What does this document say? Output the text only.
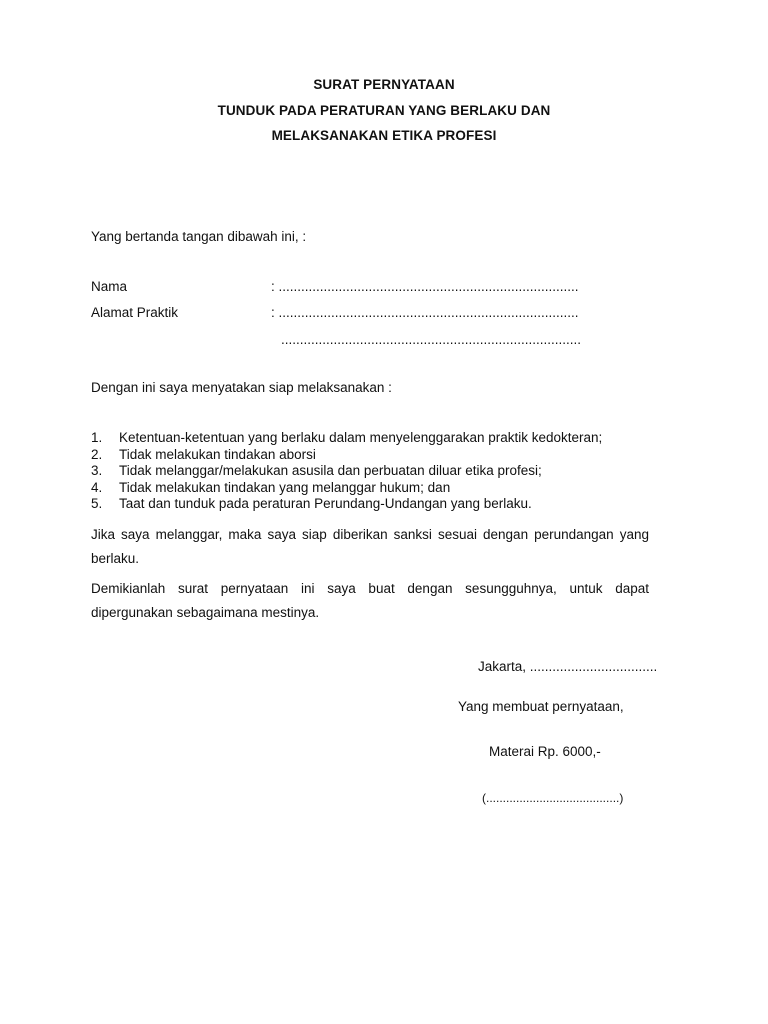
SURAT PERNYATAAN
TUNDUK PADA PERATURAN YANG BERLAKU DAN
MELAKSANAKAN ETIKA PROFESI
Yang bertanda tangan dibawah ini, :
Nama	: ................................................................................
Alamat Praktik	: ................................................................................
................................................................................
Dengan ini saya menyatakan siap melaksanakan :
1.	Ketentuan-ketentuan yang berlaku dalam menyelenggarakan praktik kedokteran;
2.	Tidak melakukan tindakan aborsi
3.	Tidak melanggar/melakukan asusila dan perbuatan diluar etika profesi;
4.	Tidak melakukan tindakan yang melanggar hukum; dan
5.	Taat dan tunduk pada peraturan Perundang-Undangan yang berlaku.
Jika saya melanggar, maka saya siap diberikan sanksi sesuai dengan perundangan yang berlaku.
Demikianlah surat pernyataan ini saya buat dengan sesungguhnya, untuk dapat
dipergunakan sebagaimana mestinya.
Jakarta, ..................................
Yang membuat pernyataan,
Materai Rp. 6000,-
(........................................)
